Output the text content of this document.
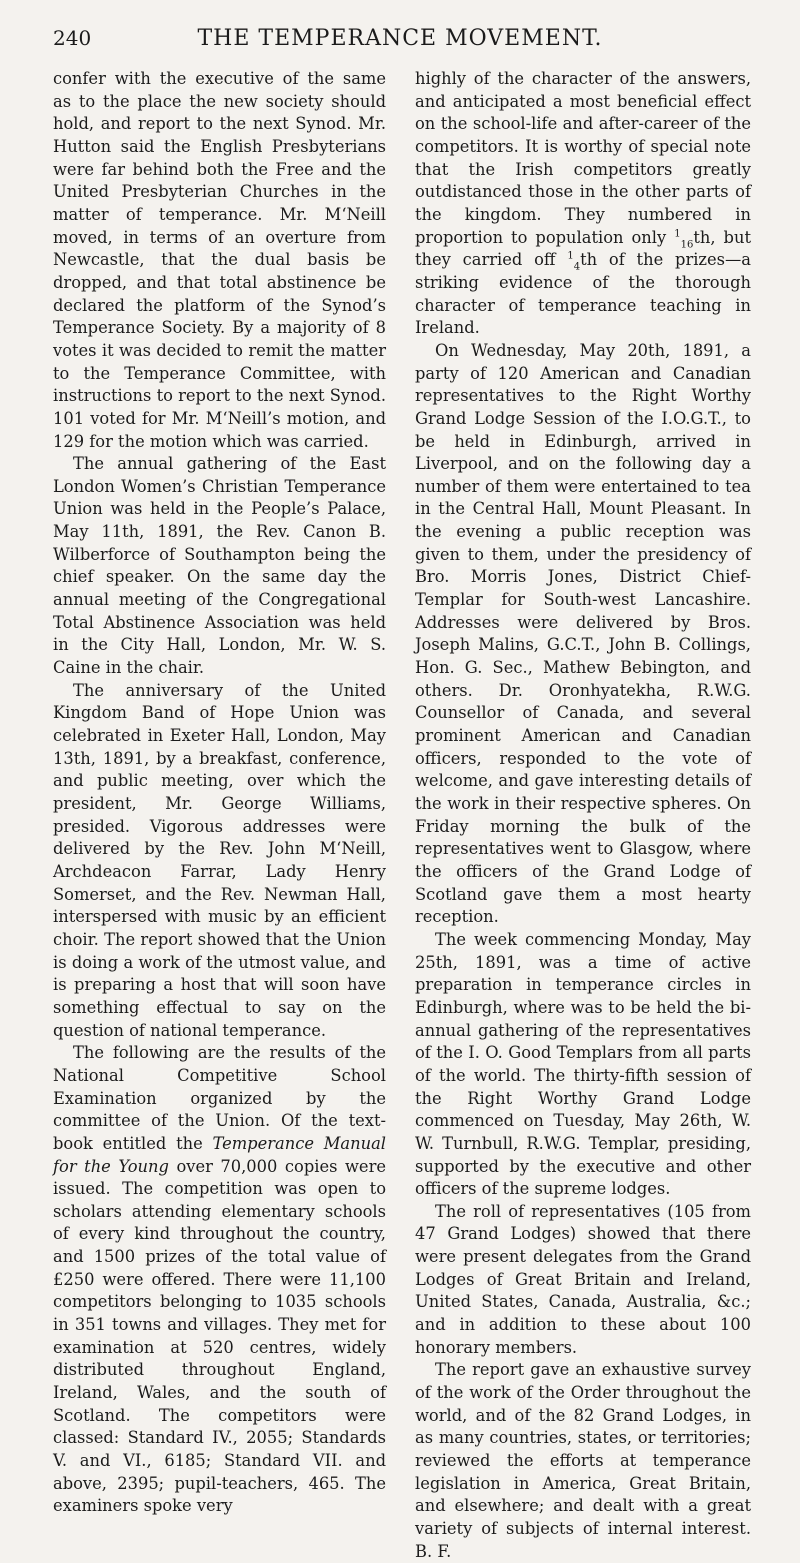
240	THE TEMPERANCE MOVEMENT.

confer with the executive of the same as to the place the new society should hold, and report to the next Synod. Mr. Hutton said the English Presbyterians were far behind both the Free and the United Presbyterian Churches in the matter of temperance. Mr. M‘Neill moved, in terms of an overture from Newcastle, that the dual basis be dropped, and that total abstinence be declared the platform of the Synod’s Temperance Society. By a majority of 8 votes it was decided to remit the matter to the Temperance Committee, with instructions to report to the next Synod. 101 voted for Mr. M‘Neill’s motion, and 129 for the motion which was carried.

The annual gathering of the East London Women’s Christian Temperance Union was held in the People’s Palace, May 11th, 1891, the Rev. Canon B. Wilberforce of Southampton being the chief speaker. On the same day the annual meeting of the Congregational Total Abstinence Association was held in the City Hall, London, Mr. W. S. Caine in the chair.

The anniversary of the United Kingdom Band of Hope Union was celebrated in Exeter Hall, London, May 13th, 1891, by a breakfast, conference, and public meeting, over which the president, Mr. George Williams, presided. Vigorous addresses were delivered by the Rev. John M‘Neill, Archdeacon Farrar, Lady Henry Somerset, and the Rev. Newman Hall, interspersed with music by an efficient choir. The report showed that the Union is doing a work of the utmost value, and is preparing a host that will soon have something effectual to say on the question of national temperance.

The following are the results of the National Competitive School Examination organized by the committee of the Union. Of the text-book entitled the Temperance Manual for the Young over 70,000 copies were issued. The competition was open to scholars attending elementary schools of every kind throughout the country, and 1500 prizes of the total value of £250 were offered. There were 11,100 competitors belonging to 1035 schools in 351 towns and villages. They met for examination at 520 centres, widely distributed throughout England, Ireland, Wales, and the south of Scotland. The competitors were classed: Standard IV., 2055; Standards V. and VI., 6185; Standard VII. and above, 2395; pupil-teachers, 465. The examiners spoke very

highly of the character of the answers, and anticipated a most beneficial effect on the school-life and after-career of the competitors. It is worthy of special note that the Irish competitors greatly outdistanced those in the other parts of the kingdom. They numbered in proportion to population only $^1_{16}$th, but they carried off $^1_4$th of the prizes—a striking evidence of the thorough character of temperance teaching in Ireland.

On Wednesday, May 20th, 1891, a party of 120 American and Canadian representatives to the Right Worthy Grand Lodge Session of the I.O.G.T., to be held in Edinburgh, arrived in Liverpool, and on the following day a number of them were entertained to tea in the Central Hall, Mount Pleasant. In the evening a public reception was given to them, under the presidency of Bro. Morris Jones, District Chief-Templar for South-west Lancashire. Addresses were delivered by Bros. Joseph Malins, G.C.T., John B. Collings, Hon. G. Sec., Mathew Bebington, and others. Dr. Oronhyatekha, R.W.G. Counsellor of Canada, and several prominent American and Canadian officers, responded to the vote of welcome, and gave interesting details of the work in their respective spheres. On Friday morning the bulk of the representatives went to Glasgow, where the officers of the Grand Lodge of Scotland gave them a most hearty reception.

The week commencing Monday, May 25th, 1891, was a time of active preparation in temperance circles in Edinburgh, where was to be held the bi-annual gathering of the representatives of the I. O. Good Templars from all parts of the world. The thirty-fifth session of the Right Worthy Grand Lodge commenced on Tuesday, May 26th, W. W. Turnbull, R.W.G. Templar, presiding, supported by the executive and other officers of the supreme lodges.

The roll of representatives (105 from 47 Grand Lodges) showed that there were present delegates from the Grand Lodges of Great Britain and Ireland, United States, Canada, Australia, &c.; and in addition to these about 100 honorary members.

The report gave an exhaustive survey of the work of the Order throughout the world, and of the 82 Grand Lodges, in as many countries, states, or territories; reviewed the efforts at temperance legislation in America, Great Britain, and elsewhere; and dealt with a great variety of subjects of internal interest. B. F.
